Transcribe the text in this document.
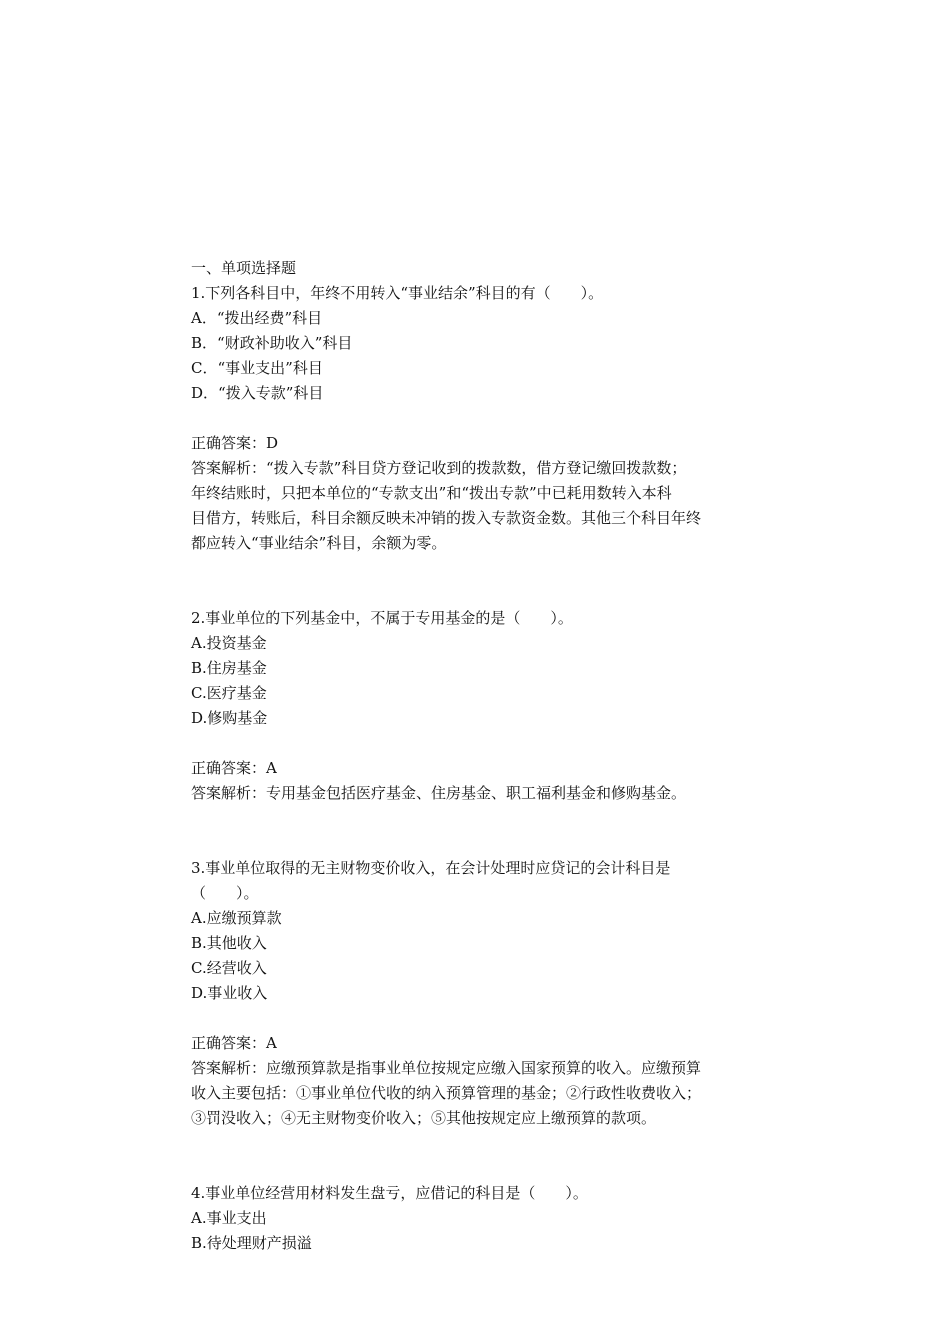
一、单项选择题
1.下列各科目中，年终不用转入“事业结余”科目的有（　　）。
A．“拨出经费”科目
B．“财政补助收入”科目
C．“事业支出”科目
D．“拨入专款”科目
正确答案：D
答案解析：“拨入专款”科目贷方登记收到的拨款数，借方登记缴回拨款数；
年终结账时，只把本单位的“专款支出”和“拨出专款”中已耗用数转入本科
目借方，转账后，科目余额反映未冲销的拨入专款资金数。其他三个科目年终
都应转入“事业结余”科目，余额为零。
2.事业单位的下列基金中，不属于专用基金的是（　　）。
A.投资基金
B.住房基金
C.医疗基金
D.修购基金
正确答案：A
答案解析：专用基金包括医疗基金、住房基金、职工福利基金和修购基金。
3.事业单位取得的无主财物变价收入，在会计处理时应贷记的会计科目是
（　　）。
A.应缴预算款
B.其他收入
C.经营收入
D.事业收入
正确答案：A
答案解析：应缴预算款是指事业单位按规定应缴入国家预算的收入。应缴预算
收入主要包括：①事业单位代收的纳入预算管理的基金；②行政性收费收入；
③罚没收入；④无主财物变价收入；⑤其他按规定应上缴预算的款项。
4.事业单位经营用材料发生盘亏，应借记的科目是（　　）。
A.事业支出
B.待处理财产损溢
